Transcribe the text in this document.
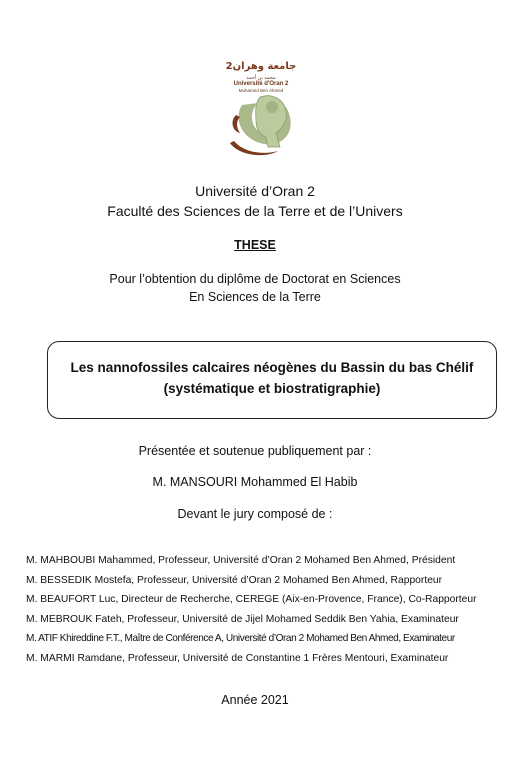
جامعة وهران2
محمد بن أحمد
Université d'Oran 2
Mohamed Ben Ahmed
Université d’Oran 2
Faculté des Sciences de la Terre et de l’Univers
THESE
Pour l’obtention du diplôme de Doctorat en Sciences
En Sciences de la Terre
Les nannofossiles calcaires néogènes du Bassin du bas Chélif
(systématique et biostratigraphie)
Présentée et soutenue publiquement par :
M. MANSOURI Mohammed El Habib
Devant le jury composé de :
M. MAHBOUBI Mahammed, Professeur, Université d’Oran 2 Mohamed Ben Ahmed, Président
M. BESSEDIK Mostefa, Professeur, Université d’Oran 2 Mohamed Ben Ahmed, Rapporteur
M. BEAUFORT Luc, Directeur de Recherche, CEREGE (Aix-en-Provence, France), Co-Rapporteur
M. MEBROUK Fateh, Professeur, Université de Jijel Mohamed Seddik Ben Yahia, Examinateur
M. ATIF Khireddine F.T., Maître de Conférence A, Université d’Oran 2 Mohamed Ben Ahmed, Examinateur
M. MARMI Ramdane, Professeur, Université de Constantine 1 Frères Mentouri, Examinateur
Année 2021
